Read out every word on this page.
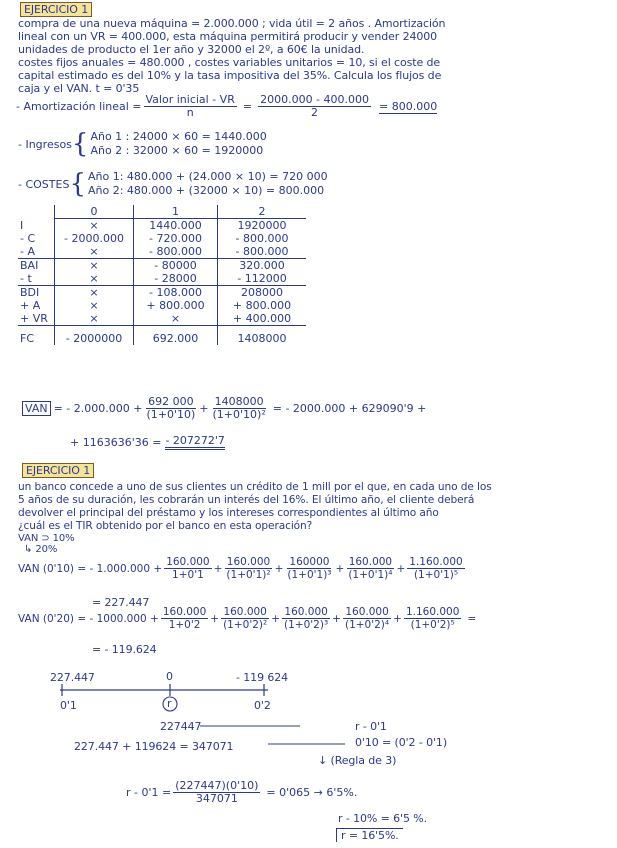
EJERCICIO 1
compra de una nueva máquina = 2.000.000 ; vida útil = 2 años . Amortización
lineal con un VR = 400.000, esta máquina permitirá producir y vender 24000
unidades de producto el 1er año y 32000 el 2º, a 60€ la unidad.
costes fijos anuales = 480.000 , costes variables unitarios = 10, si el coste de
capital estimado es del 10% y la tasa impositiva del 35%. Calcula los flujos de
caja y el VAN. t = 0'35
- Amortización lineal = $\frac{\text{Valor inicial - VR}}{n} = \frac{2000.000 - 400.000}{2} = 800.000$
- Ingresos { Año 1 : 24000 × 60 = 1440.000
Año 2 : 32000 × 60 = 1920000
- COSTES { Año 1: 480.000 + (24.000 × 10) = 720 000
Año 2: 480.000 + (32000 × 10) = 800.000
	0	1	2
I	×	1440.000	1920000
- C	- 2000.000	- 720.000	- 800.000
- A	×	- 800.000	- 800.000
BAI	×	- 80000	320.000
- t	×	- 28000	- 112000
BDI	×	- 108.000	208000
+ A	×	+ 800.000	+ 800.000
+ VR	×	×	+ 400.000
FC	- 2000000	692.000	1408000
VAN = - $2.000.000 + \frac{692 000}{(1+0'10)} + \frac{1408000}{\text{(1+0'10)²}}$ = - 2000.000 + 629090'9 +
+ 1163636'36 = - 207272'7
EJERCICIO 1
un banco concede a uno de sus clientes un crédito de 1 mill por el que, en cada uno de los
5 años de su duración, les cobrarán un interés del 16%. El último año, el cliente deberá
devolver el principal del préstamo y los intereses correspondientes al último año
¿cuál es el TIR obtenido por el banco en esta operación?
VAN ⊃ 10%
↳ 20%
VAN (0'10) = - $1.000.000 + \frac{160.000}{1+0'1} + \frac{160.000}{\text{(1+0'1)²}} + \frac{160000}{\text{(1+0'1)³}} + \frac{160.000}{\text{(1+0'1)⁴}} + \frac{1.160.000}{\text{(1+0'1)⁵}}$
= 227.447
VAN (0'20) = - $1000.000 + \frac{160.000}{1+0'2} + \frac{160.000}{\text{(1+0'2)²}} + \frac{160.000}{\text{(1+0'2)³}} + \frac{160.000}{\text{(1+0'2)⁴}} + \frac{1.160.000}{\text{(1+0'2)⁵}}$ =
= - 119.624
227.447	0	- 119 624
0'1	r	0'2
227447	r - 0'1
227.447 + 119624 = 347071	0'10 = (0'2 - 0'1)
↓ (Regla de 3)
$r - 0'1 = \frac{(227447)(0'10)}{347071} = 0'065 \to 6'5\%$.
r - 10% = 6'5 %.
r = 16'5%.
